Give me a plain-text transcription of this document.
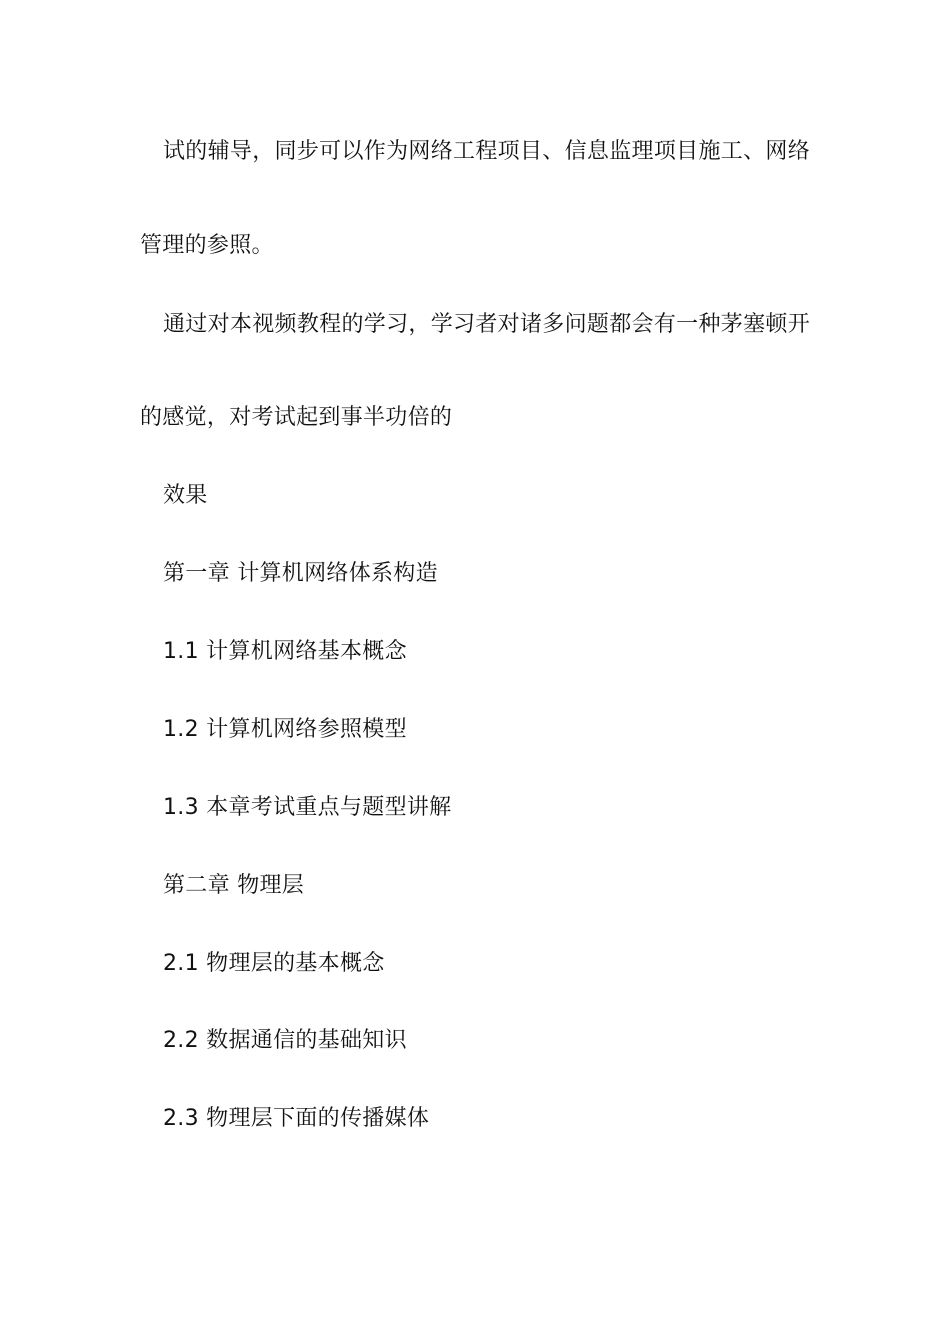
试的辅导，同步可以作为网络工程项目、信息监理项目施工、网络
管理的参照。
通过对本视频教程的学习，学习者对诸多问题都会有一种茅塞顿开
的感觉，对考试起到事半功倍的
效果
第一章 计算机网络体系构造
1.1 计算机网络基本概念
1.2 计算机网络参照模型
1.3 本章考试重点与题型讲解
第二章 物理层
2.1 物理层的基本概念
2.2 数据通信的基础知识
2.3 物理层下面的传播媒体
